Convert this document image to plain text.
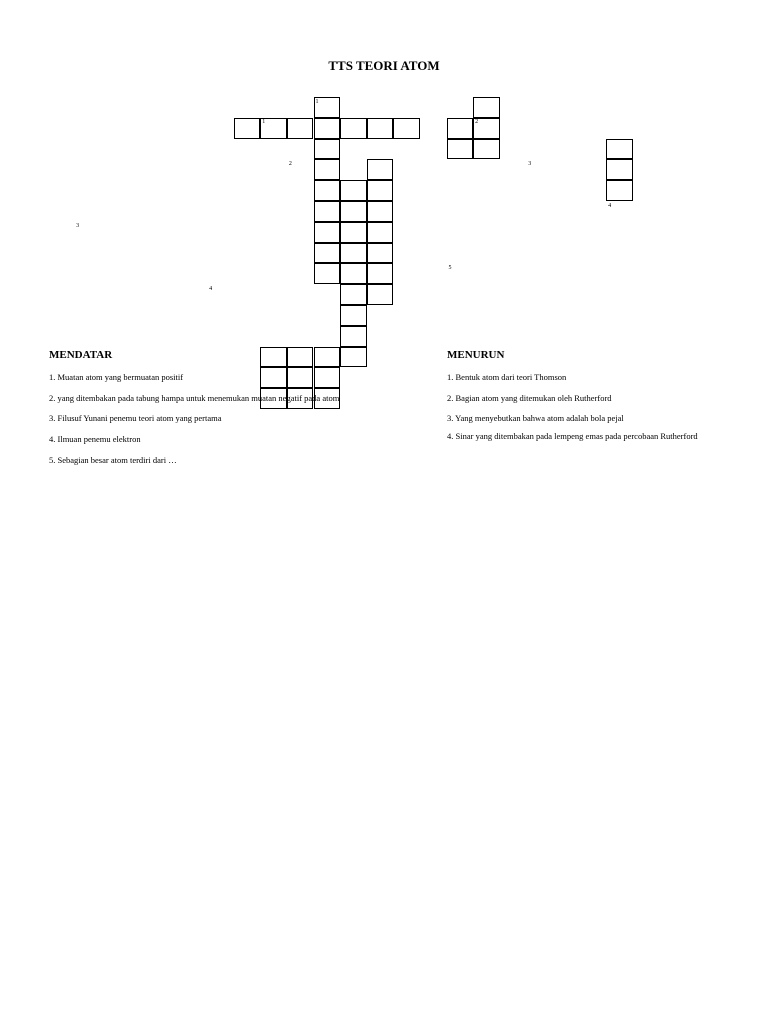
TTS TEORI ATOM
1
1	2
2	3
4
3
5
4
MENDATAR
1. Muatan atom yang bermuatan positif
2. yang ditembakan pada tabung hampa untuk menemukan muatan negatif pada atom
3. Filusuf Yunani penemu teori atom yang pertama
4. Ilmuan penemu elektron
5. Sebagian besar atom terdiri dari …
MENURUN
1. Bentuk atom dari teori Thomson
2. Bagian atom yang ditemukan oleh Rutherford
3. Yang menyebutkan bahwa atom adalah bola pejal
4. Sinar yang ditembakan pada lempeng emas pada percobaan Rutherford
